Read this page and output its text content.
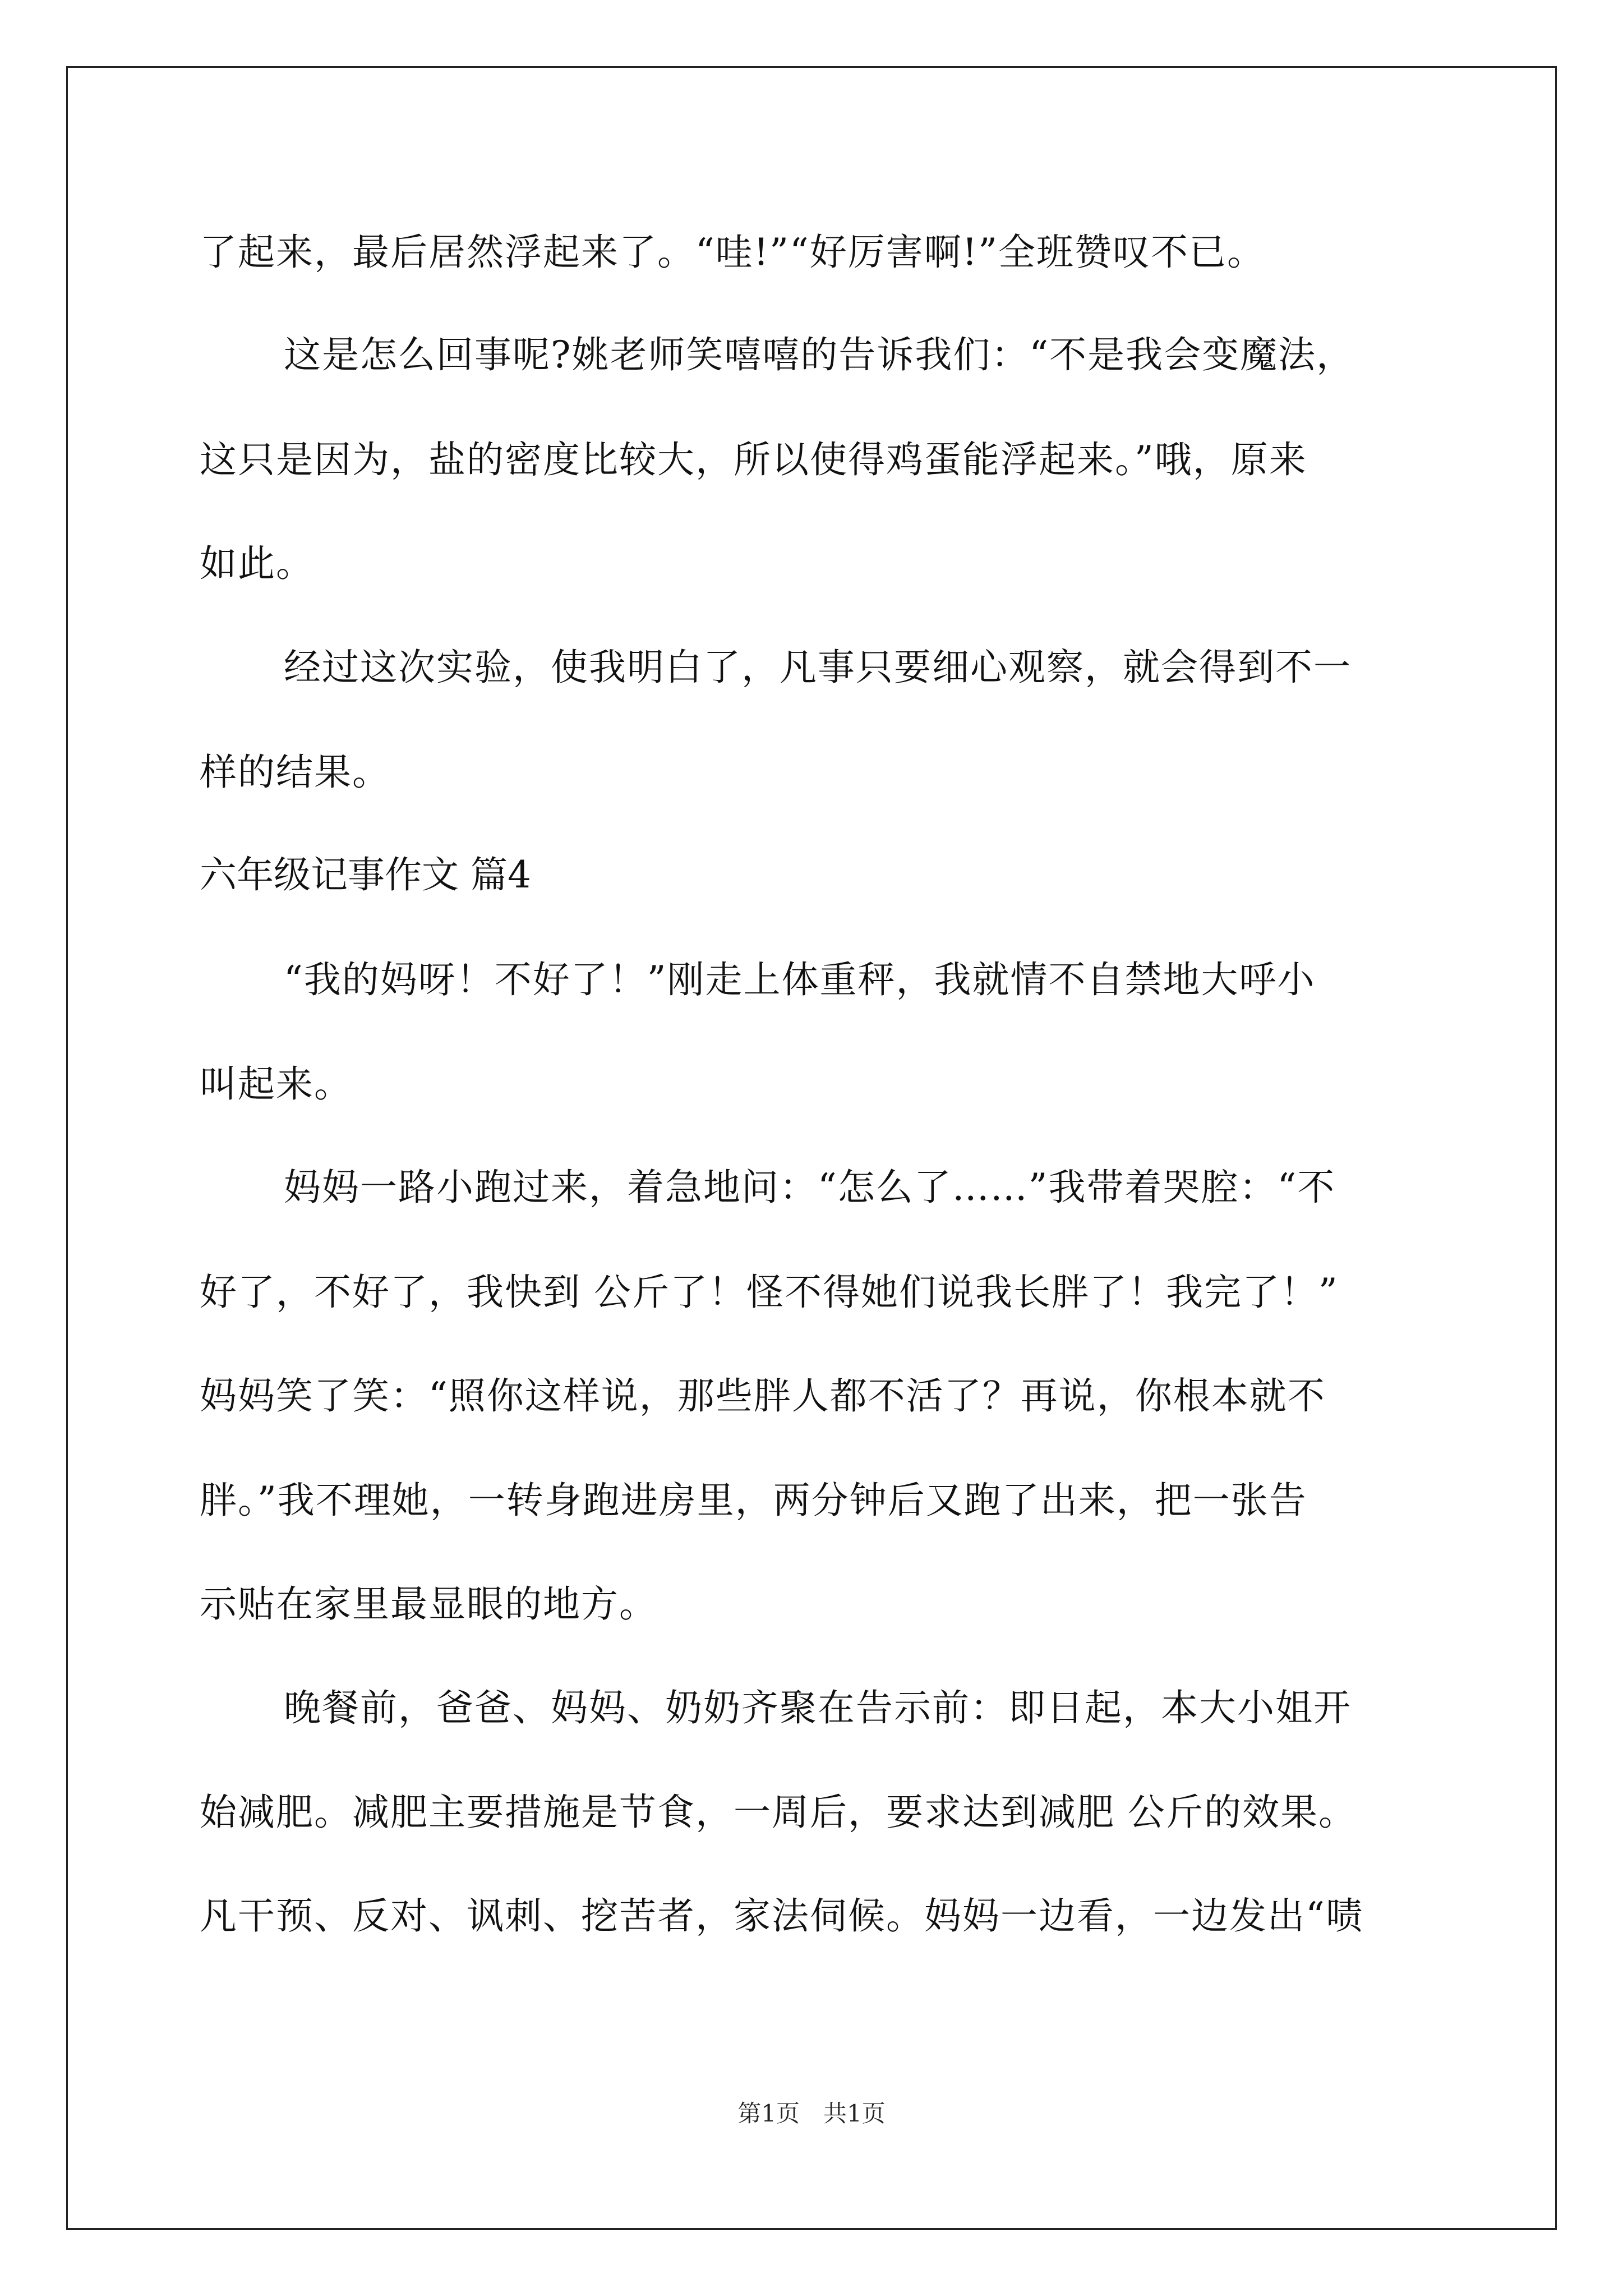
了起来，最后居然浮起来了。“哇!”“好厉害啊!”全班赞叹不已。
这是怎么回事呢?姚老师笑嘻嘻的告诉我们：“不是我会变魔法，
这只是因为，盐的密度比较大，所以使得鸡蛋能浮起来。”哦，原来
如此。
经过这次实验，使我明白了，凡事只要细心观察，就会得到不一
样的结果。
六年级记事作文 篇4
“我的妈呀！不好了！”刚走上体重秤，我就情不自禁地大呼小
叫起来。
妈妈一路小跑过来，着急地问：“怎么了……”我带着哭腔：“不
好了，不好了，我快到 公斤了！怪不得她们说我长胖了！我完了！”
妈妈笑了笑：“照你这样说，那些胖人都不活了？再说，你根本就不
胖。”我不理她，一转身跑进房里，两分钟后又跑了出来，把一张告
示贴在家里最显眼的地方。
晚餐前，爸爸、妈妈、奶奶齐聚在告示前：即日起，本大小姐开
始减肥。减肥主要措施是节食，一周后，要求达到减肥 公斤的效果。
凡干预、反对、讽刺、挖苦者，家法伺候。妈妈一边看，一边发出“啧
第1页　共1页
